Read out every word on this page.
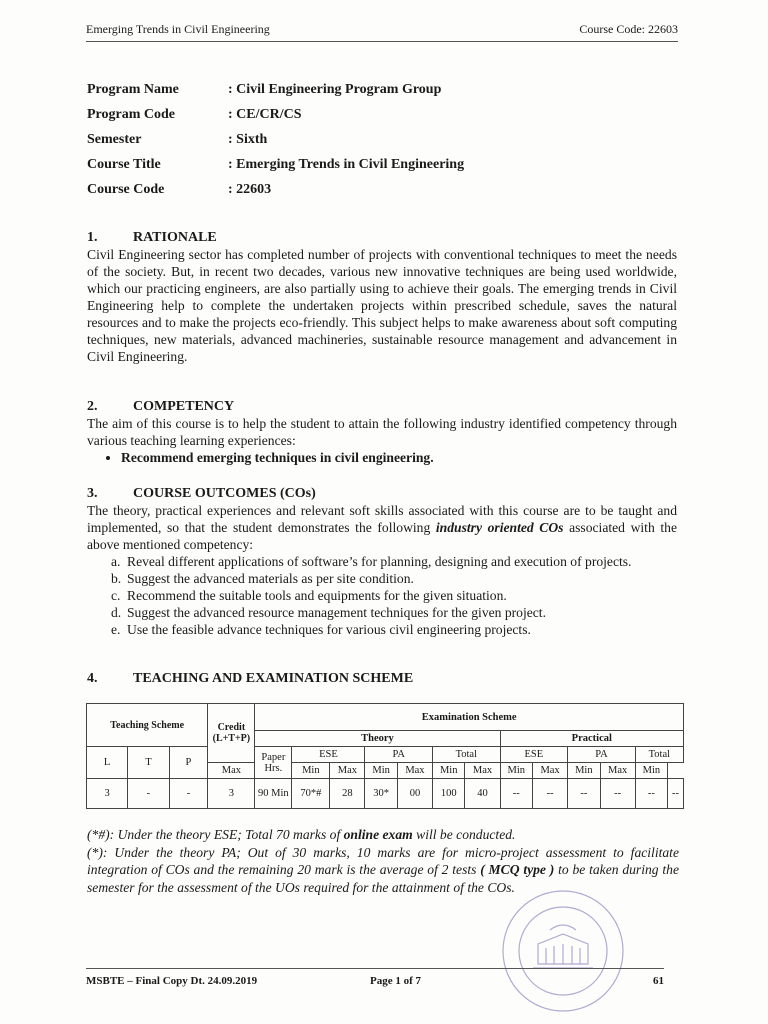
Emerging Trends in Civil Engineering	Course Code: 22603
Program Name	: Civil Engineering Program Group
Program Code	: CE/CR/CS
Semester	: Sixth
Course Title	: Emerging Trends in Civil Engineering
Course Code	: 22603
1.	RATIONALE

Civil Engineering sector has completed number of projects with conventional techniques to meet the needs of the society. But, in recent two decades, various new innovative techniques are being used worldwide, which our practicing engineers, are also partially using to achieve their goals. The emerging trends in Civil Engineering help to complete the undertaken projects within prescribed schedule, saves the natural resources and to make the projects eco-friendly. This subject helps to make awareness about soft computing techniques, new materials, advanced machineries, sustainable resource management and advancement in Civil Engineering.

2.	COMPETENCY

The aim of this course is to help the student to attain the following industry identified competency through various teaching learning experiences:

• Recommend emerging techniques in civil engineering.
3.	COURSE OUTCOMES (COs)

The theory, practical experiences and relevant soft skills associated with this course are to be taught and implemented, so that the student demonstrates the following industry oriented COs associated with the above mentioned competency:

a. Reveal different applications of software’s for planning, designing and execution of projects.
b. Suggest the advanced materials as per site condition.
c. Recommend the suitable tools and equipments for the given situation.
d. Suggest the advanced resource management techniques for the given project.
e. Use the feasible advance techniques for various civil engineering projects.
4.	TEACHING AND EXAMINATION SCHEME
Teaching Scheme			Credit (L+T+P)	Examination Scheme												
				Theory							Practical					
L	T	P		Paper Hrs.	ESE		PA		Total		ESE		PA		Total	
			Max		Min	Max	Min	Max	Min	Max	Min	Max	Min	Max	Min	
3	-	-	3	90 Min	70*#	28	30*	00	100	40	--	--	--	--	--	--
(*#): Under the theory ESE; Total 70 marks of online exam will be conducted.
(*): Under the theory PA; Out of 30 marks, 10 marks are for micro-project assessment to facilitate integration of COs and the remaining 20 mark is the average of 2 tests ( MCQ type ) to be taken during the semester for the assessment of the UOs required for the attainment of the COs.
MSBTE – Final Copy Dt. 24.09.2019	Page 1 of 7	61
